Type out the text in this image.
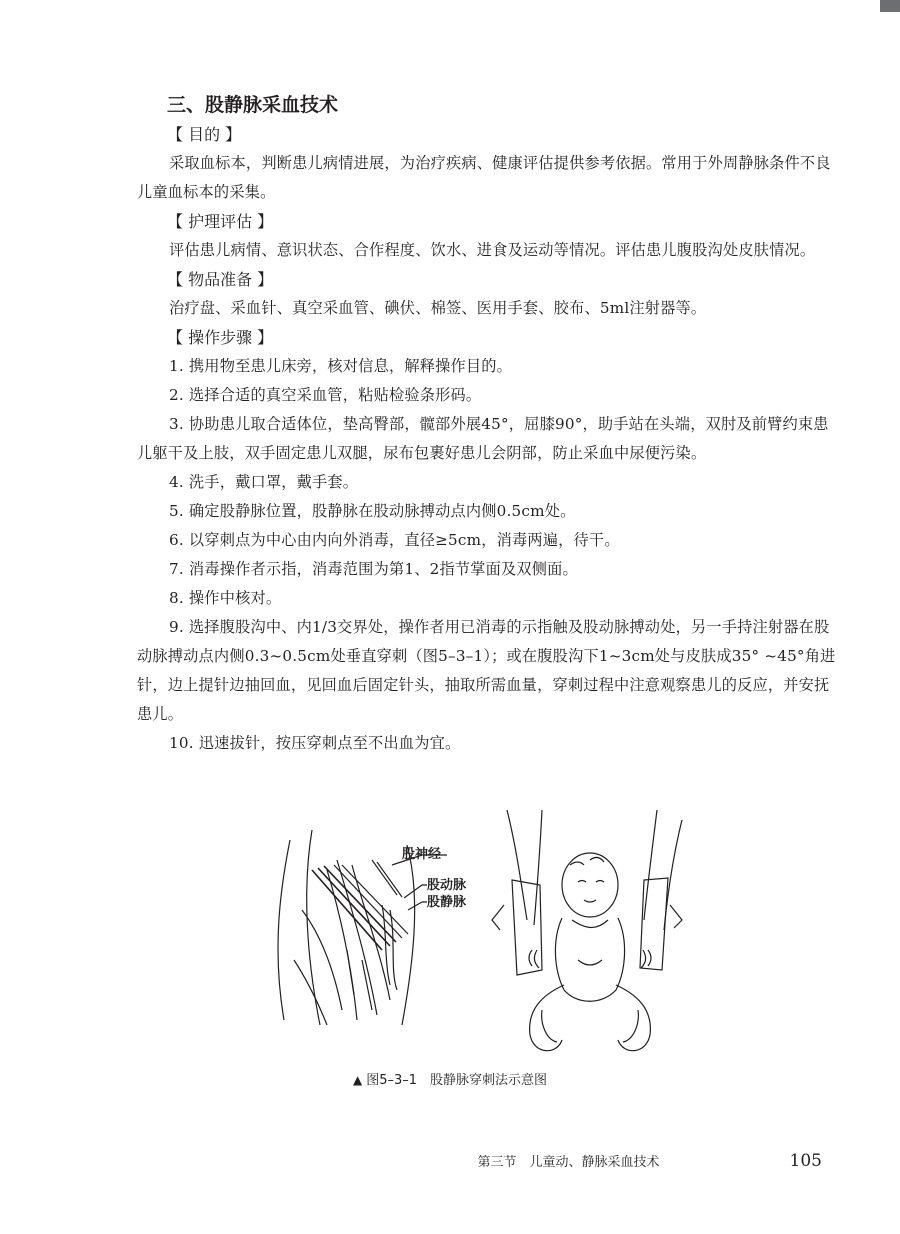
三、股静脉采血技术
【 目的 】

采取血标本，判断患儿病情进展，为治疗疾病、健康评估提供参考依据。常用于外周静脉条件不良儿童血标本的采集。

【 护理评估 】

评估患儿病情、意识状态、合作程度、饮水、进食及运动等情况。评估患儿腹股沟处皮肤情况。

【 物品准备 】

治疗盘、采血针、真空采血管、碘伏、棉签、医用手套、胶布、5ml注射器等。

【 操作步骤 】

1. 携用物至患儿床旁，核对信息，解释操作目的。

2. 选择合适的真空采血管，粘贴检验条形码。

3. 协助患儿取合适体位，垫高臀部，髋部外展45°，屈膝90°，助手站在头端，双肘及前臂约束患儿躯干及上肢，双手固定患儿双腿，尿布包裹好患儿会阴部，防止采血中尿便污染。

4. 洗手，戴口罩，戴手套。

5. 确定股静脉位置，股静脉在股动脉搏动点内侧0.5cm处。

6. 以穿刺点为中心由内向外消毒，直径≥5cm，消毒两遍，待干。

7. 消毒操作者示指，消毒范围为第1、2指节掌面及双侧面。

8. 操作中核对。

9. 选择腹股沟中、内1/3交界处，操作者用已消毒的示指触及股动脉搏动处，另一手持注射器在股动脉搏动点内侧0.3~0.5cm处垂直穿刺（图5–3–1）；或在腹股沟下1~3cm处与皮肤成35° ~45°角进针，边上提针边抽回血，见回血后固定针头，抽取所需血量，穿刺过程中注意观察患儿的反应，并安抚患儿。

10. 迅速拔针，按压穿刺点至不出血为宜。

股神经
股动脉
股静脉
▲ 图5–3–1　股静脉穿刺法示意图
第三节　儿童动、静脉采血技术	105
